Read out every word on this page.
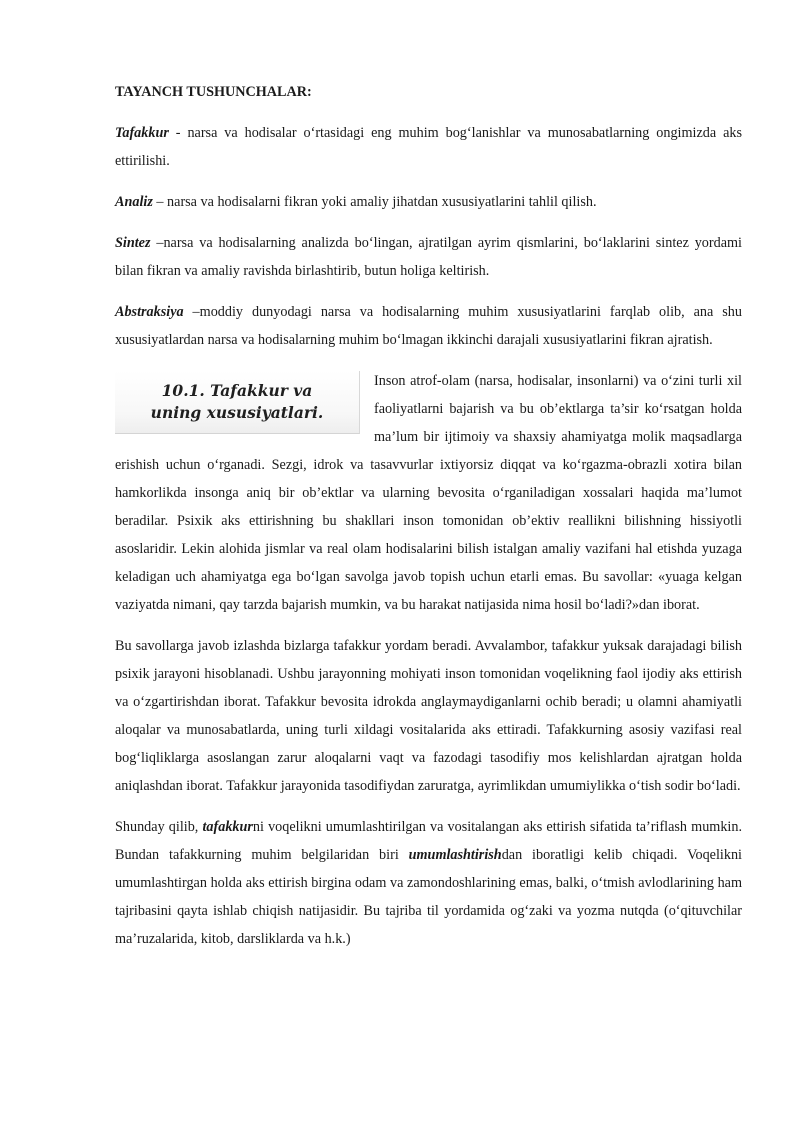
TAYANCH TUSHUNCHALAR:

Tafakkur - narsa va hodisalar o‘rtasidagi eng muhim bog‘lanishlar va munosabatlarning ongimizda aks ettirilishi.

Analiz – narsa va hodisalarni fikran yoki amaliy jihatdan xususiyatlarini tahlil qilish.

Sintez –narsa va hodisalarning analizda bo‘lingan, ajratilgan ayrim qismlarini, bo‘laklarini sintez yordami bilan fikran va amaliy ravishda birlashtirib, butun holiga keltirish.

Abstraksiya –moddiy dunyodagi narsa va hodisalarning muhim xususiyatlarini farqlab olib, ana shu xususiyatlardan narsa va hodisalarning muhim bo‘lmagan ikkinchi darajali xususiyatlarini fikran ajratish.

10.1. Tafakkur va uning xususiyatlari.

Inson atrof-olam (narsa, hodisalar, insonlarni) va o‘zini turli xil faoliyatlarni bajarish va bu ob’ektlarga ta’sir ko‘rsatgan holda ma’lum bir ijtimoiy va shaxsiy ahamiyatga molik maqsadlarga erishish uchun o‘rganadi. Sezgi, idrok va tasavvurlar ixtiyorsiz diqqat va ko‘rgazma-obrazli xotira bilan hamkorlikda insonga aniq bir ob’ektlar va ularning bevosita o‘rganiladigan xossalari haqida ma’lumot beradilar. Psixik aks ettirishning bu shakllari inson tomonidan ob’ektiv reallikni bilishning hissiyotli asoslaridir. Lekin alohida jismlar va real olam hodisalarini bilish istalgan amaliy vazifani hal etishda yuzaga keladigan uch ahamiyatga ega bo‘lgan savolga javob topish uchun etarli emas. Bu savollar: «yuaga kelgan vaziyatda nimani, qay tarzda bajarish mumkin, va bu harakat natijasida nima hosil bo‘ladi?»dan iborat.

Bu savollarga javob izlashda bizlarga tafakkur yordam beradi. Avvalambor, tafakkur yuksak darajadagi bilish psixik jarayoni hisoblanadi. Ushbu jarayonning mohiyati inson tomonidan voqelikning faol ijodiy aks ettirish va o‘zgartirishdan iborat. Tafakkur bevosita idrokda anglaymaydiganlarni ochib beradi; u olamni ahamiyatli aloqalar va munosabatlarda, uning turli xildagi vositalarida aks ettiradi. Tafakkurning asosiy vazifasi real bog‘liqliklarga asoslangan zarur aloqalarni vaqt va fazodagi tasodifiy mos kelishlardan ajratgan holda aniqlashdan iborat. Tafakkur jarayonida tasodifiydan zaruratga, ayrimlikdan umumiylikka o‘tish sodir bo‘ladi.

Shunday qilib, tafakkurni voqelikni umumlashtirilgan va vositalangan aks ettirish sifatida ta’riflash mumkin. Bundan tafakkurning muhim belgilaridan biri umumlashtirishdan iboratligi kelib chiqadi. Voqelikni umumlashtirgan holda aks ettirish birgina odam va zamondoshlarining emas, balki, o‘tmish avlodlarining ham tajribasini qayta ishlab chiqish natijasidir. Bu tajriba til yordamida og‘zaki va yozma nutqda (o‘qituvchilar ma’ruzalarida, kitob, darsliklarda va h.k.)
